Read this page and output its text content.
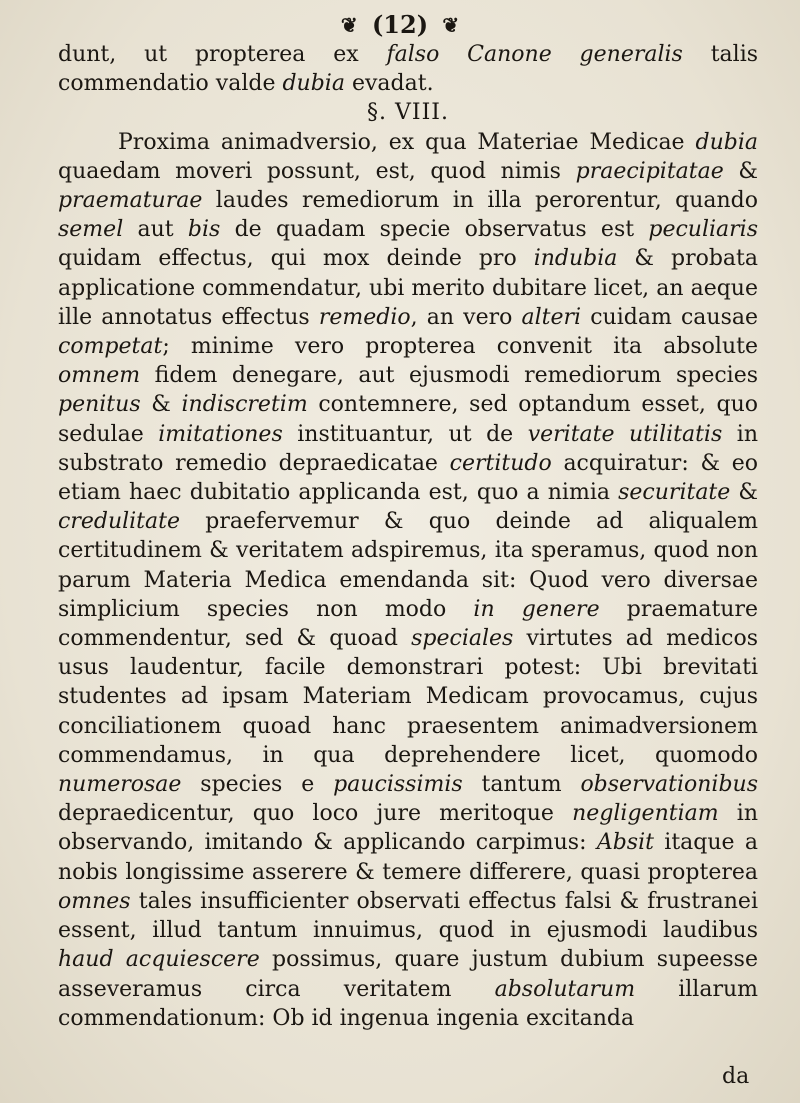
❦ (12) ❦

dunt, ut propterea ex falso Canone generalis talis commendatio valde dubia evadat.

§. VIII.

Proxima animadversio, ex qua Materiae Medicae dubia quaedam moveri possunt, est, quod nimis praecipitatae & praematurae laudes remediorum in illa perorentur, quando semel aut bis de quadam specie observatus est peculiaris quidam effectus, qui mox deinde pro indubia & probata applicatione commendatur, ubi merito dubitare licet, an aeque ille annotatus effectus remedio, an vero alteri cuidam causae competat; minime vero propterea convenit ita absolute omnem fidem denegare, aut ejusmodi remediorum species penitus & indiscretim contemnere, sed optandum esset, quo sedulae imitationes instituantur, ut de veritate utilitatis in substrato remedio depraedicatae certitudo acquiratur: & eo etiam haec dubitatio applicanda est, quo a nimia securitate & credulitate praefervemur & quo deinde ad aliqualem certitudinem & veritatem adspiremus, ita speramus, quod non parum Materia Medica emendanda sit: Quod vero diversae simplicium species non modo in genere praemature commendentur, sed & quoad speciales virtutes ad medicos usus laudentur, facile demonstrari potest: Ubi brevitati studentes ad ipsam Materiam Medicam provocamus, cujus conciliationem quoad hanc praesentem animadversionem commendamus, in qua deprehendere licet, quomodo numerosae species e paucissimis tantum observationibus depraedicentur, quo loco jure meritoque negligentiam in observando, imitando & applicando carpimus: Absit itaque a nobis longissime asserere & temere differere, quasi propterea omnes tales insufficienter observati effectus falsi & frustranei essent, illud tantum innuimus, quod in ejusmodi laudibus haud acquiescere possimus, quare justum dubium supeesse asseveramus circa veritatem absolutarum illarum commendationum: Ob id ingenua ingenia excitanda

da
